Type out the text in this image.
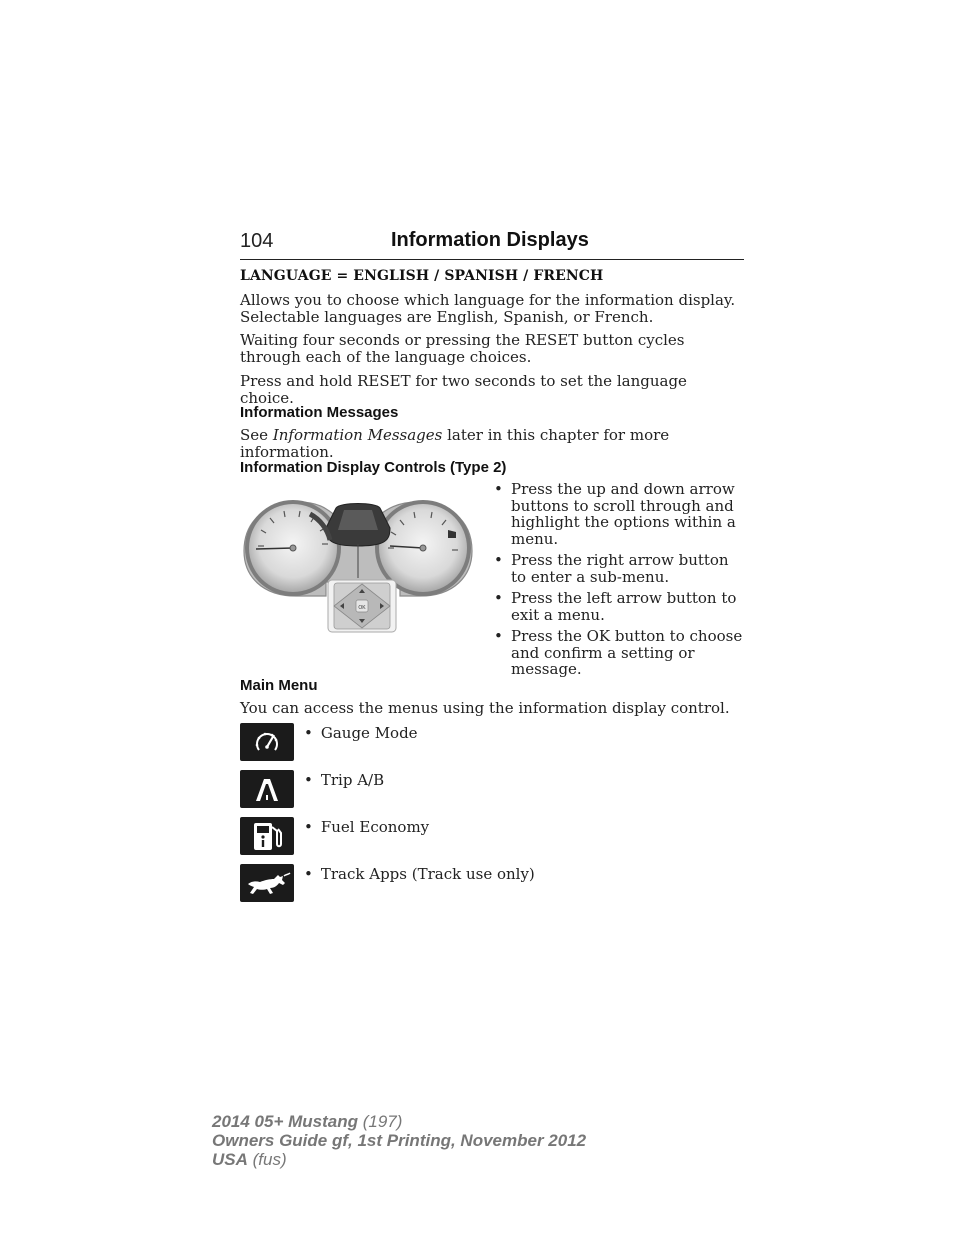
104	Information Displays
LANGUAGE = ENGLISH / SPANISH / FRENCH

Allows you to choose which language for the information display. Selectable languages are English, Spanish, or French.

Waiting four seconds or pressing the RESET button cycles through each of the language choices.

Press and hold RESET for two seconds to set the language choice.

Information Messages

See Information Messages later in this chapter for more information.

Information Display Controls (Type 2)
OK
• Press the up and down arrow buttons to scroll through and highlight the options within a menu.
• Press the right arrow button to enter a sub-menu.
• Press the left arrow button to exit a menu.
• Press the OK button to choose and confirm a setting or message.
Main Menu

You can access the menus using the information display control.

• Gauge Mode
• Trip A/B
• Fuel Economy
• Track Apps (Track use only)
2014 05+ Mustang (197)
Owners Guide gf, 1st Printing, November 2012
USA (fus)
